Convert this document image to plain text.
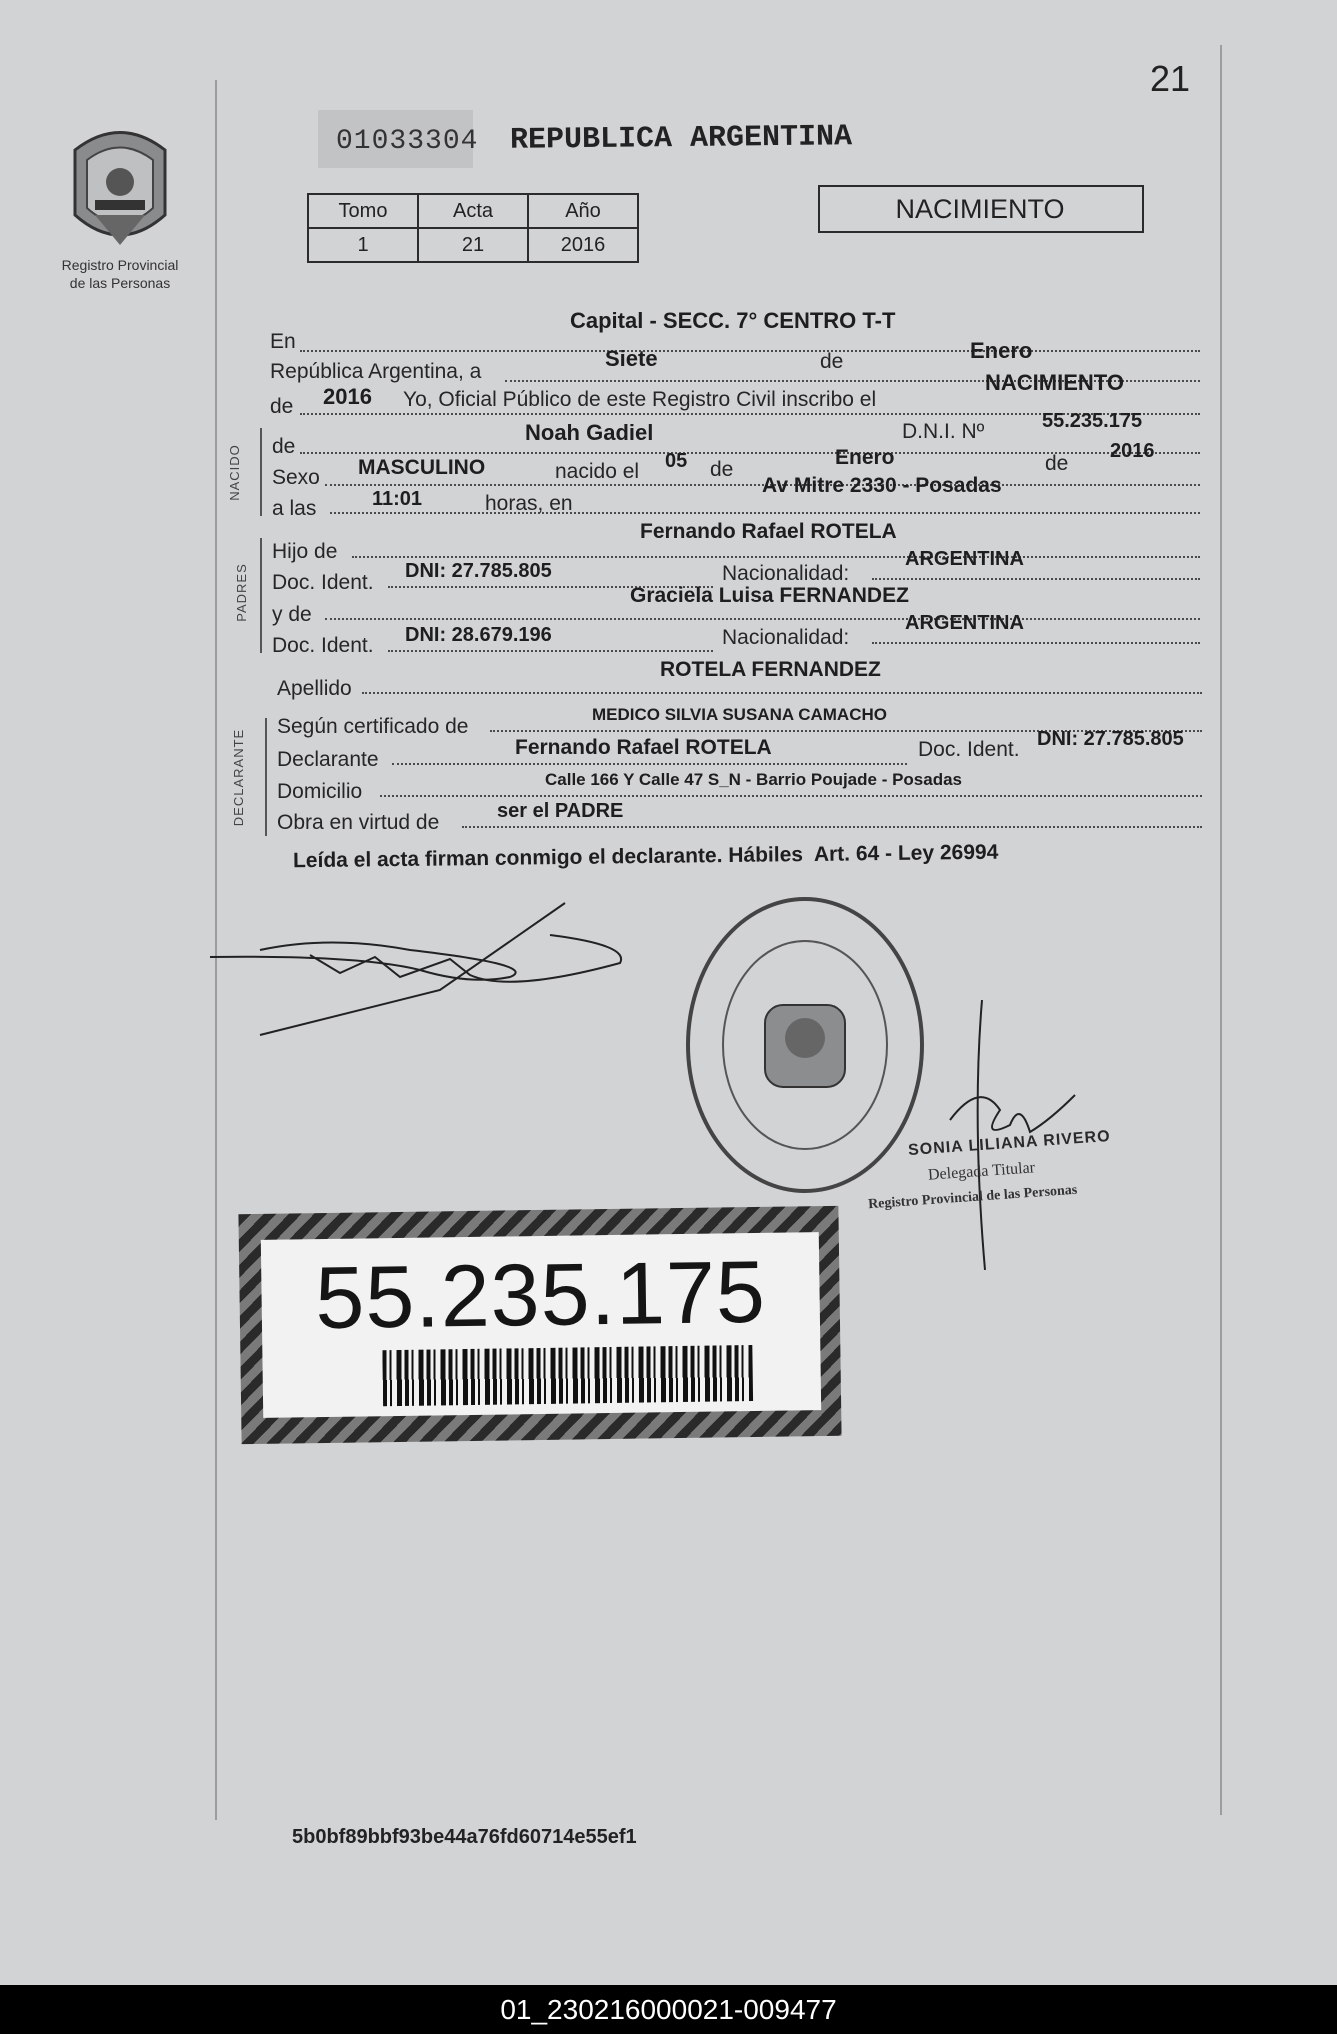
21
Registro Provincial
de las Personas
01033304 REPUBLICA ARGENTINA
Tomo	Acta	Año
1	21	2016
NACIMIENTO
En
Capital - SECC. 7° CENTRO T-T
República Argentina, a
Siete	de	Enero
de 2016 Yo, Oficial Público de este Registro Civil inscribo el
NACIMIENTO
NACIDO de
Noah Gadiel	D.N.I. Nº	55.235.175
Sexo MASCULINO	nacido el 05 de
Enero	de
2016
a las	11:01	horas, en
Av Mitre 2330 - Posadas
PADRES
Hijo de
Fernando Rafael ROTELA
Doc. Ident. DNI: 27.785.805	Nacionalidad:
ARGENTINA
y de
Graciela Luisa FERNANDEZ
Doc. Ident. DNI: 28.679.196	Nacionalidad:
ARGENTINA
Apellido
ROTELA FERNANDEZ
DECLARANTE
Según certificado de
MEDICO SILVIA SUSANA CAMACHO
Declarante
Fernando Rafael ROTELA	Doc. Ident. DNI: 27.785.805
Domicilio
Calle 166 Y Calle 47 S_N - Barrio Poujade - Posadas
Obra en virtud de	ser el PADRE
Leída el acta firman conmigo el declarante. Hábiles  Art. 64 - Ley 26994
SONIA LILIANA RIVERO
Delegada Titular
Registro Provincial de las Personas
55.235.175
5b0bf89bbf93be44a76fd60714e55ef1
01_230216000021-009477
